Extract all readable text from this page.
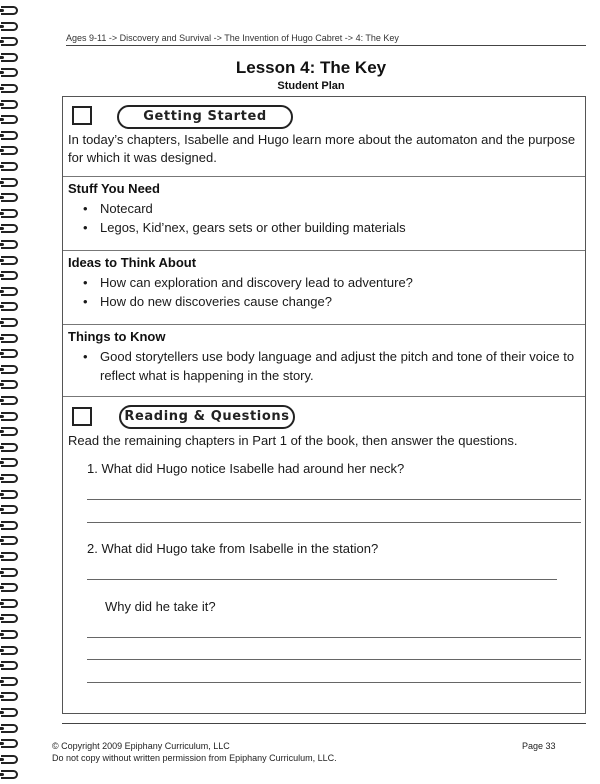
Ages 9-11 -> Discovery and Survival -> The Invention of Hugo Cabret -> 4: The Key
Lesson 4: The Key
Student Plan
Getting Started
In today’s chapters, Isabelle and Hugo learn more about the automaton and the purpose for which it was designed.
Stuff You Need
• Notecard
• Legos, Kid’nex, gears sets or other building materials
Ideas to Think About
• How can exploration and discovery lead to adventure?
• How do new discoveries cause change?
Things to Know
• Good storytellers use body language and adjust the pitch and tone of their voice to reflect what is happening in the story.
Reading & Questions
Read the remaining chapters in Part 1 of the book, then answer the questions.
1. What did Hugo notice Isabelle had around her neck?
2. What did Hugo take from Isabelle in the station?
Why did he take it?
© Copyright 2009 Epiphany Curriculum, LLC
Do not copy without written permission from Epiphany Curriculum, LLC.
Page 33
